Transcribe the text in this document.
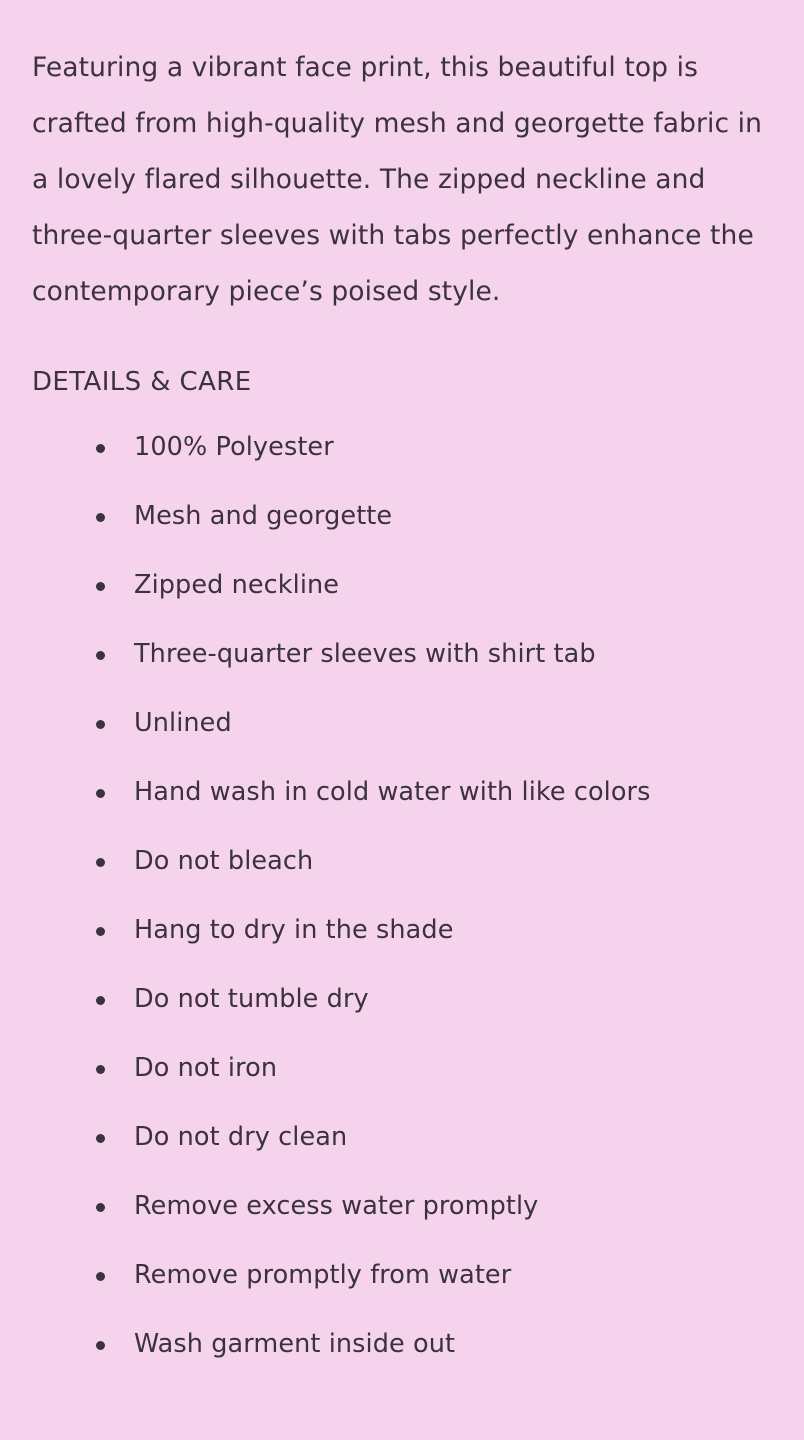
Featuring a vibrant face print, this beautiful top is crafted from high-quality mesh and georgette fabric in a lovely flared silhouette. The zipped neckline and three-quarter sleeves with tabs perfectly enhance the contemporary piece’s poised style.

DETAILS & CARE
100% Polyester
Mesh and georgette
Zipped neckline
Three-quarter sleeves with shirt tab
Unlined
Hand wash in cold water with like colors
Do not bleach
Hang to dry in the shade
Do not tumble dry
Do not iron
Do not dry clean
Remove excess water promptly
Remove promptly from water
Wash garment inside out
